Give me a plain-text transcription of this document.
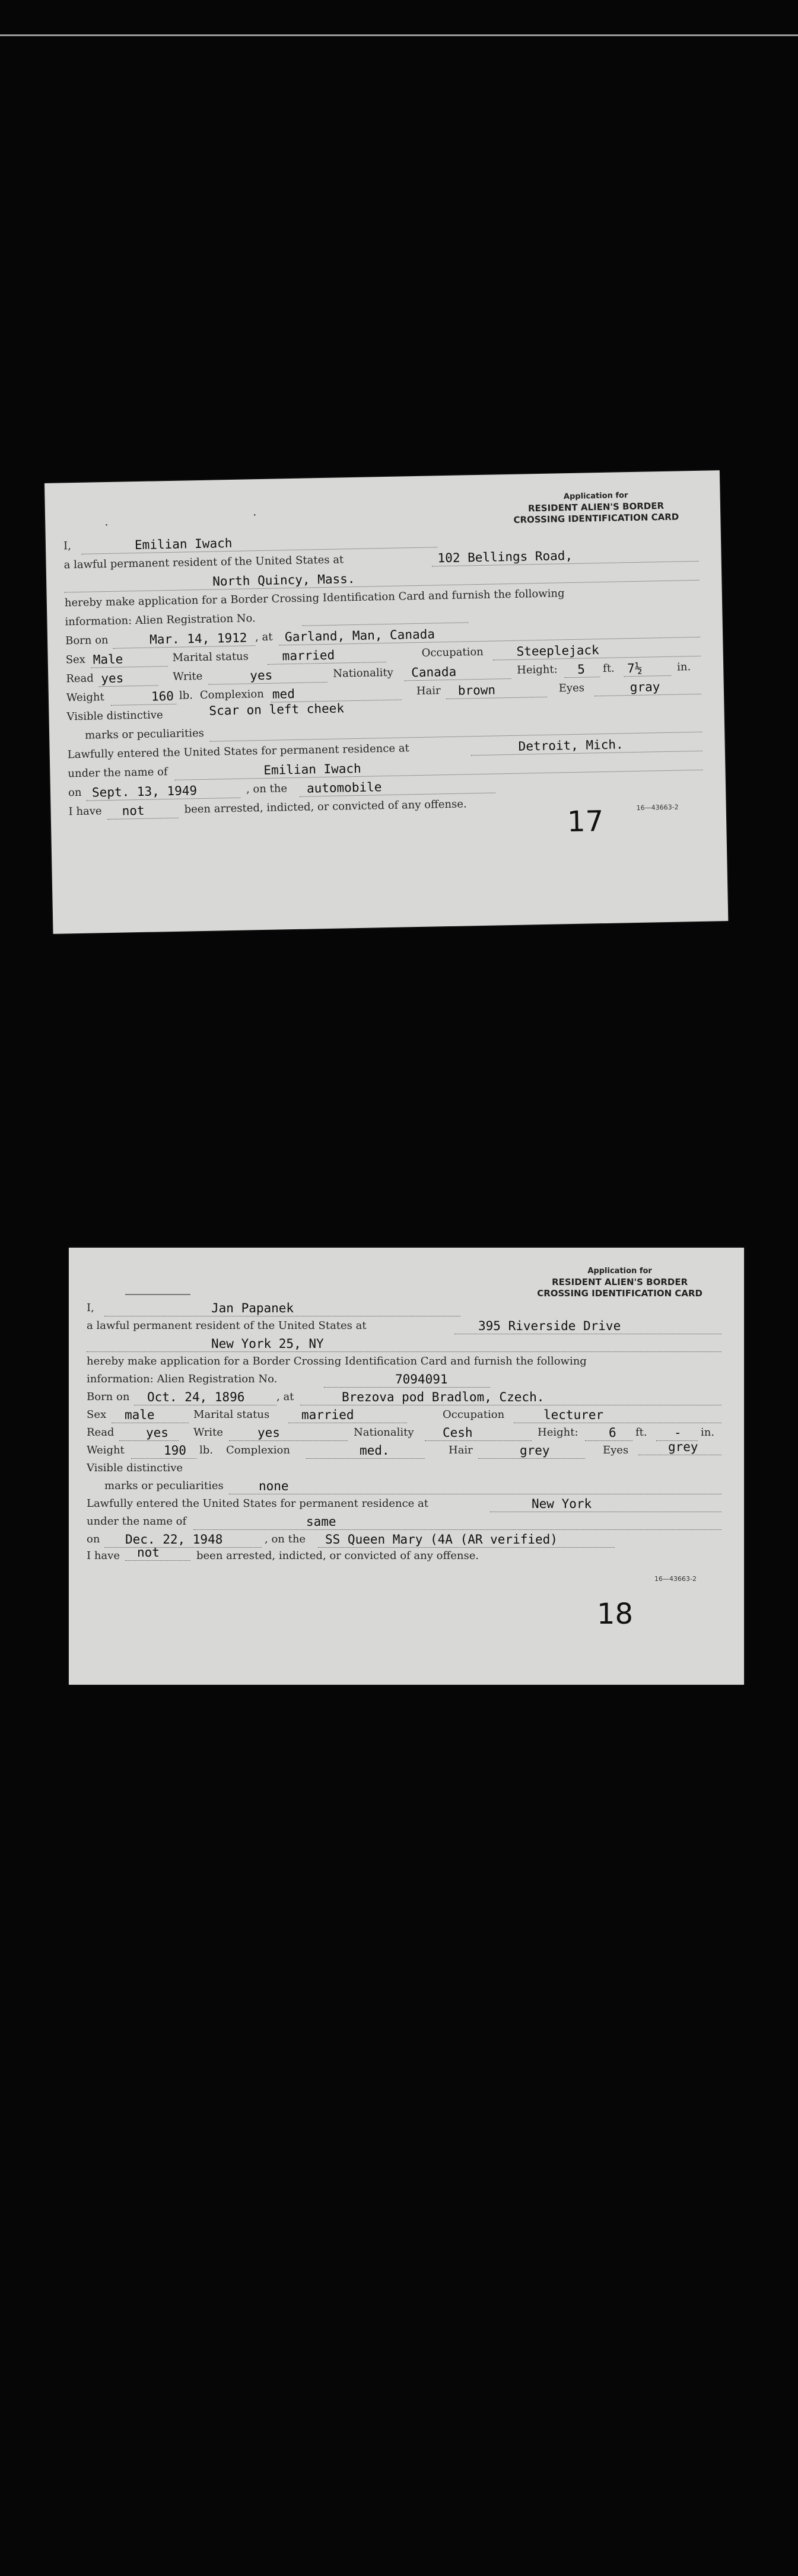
Application for
RESIDENT ALIEN'S BORDER
CROSSING IDENTIFICATION CARD
·
·
I,	Emilian Iwach
a lawful permanent resident of the United States at	102 Bellings Road,
North Quincy, Mass.
hereby make application for a Border Crossing Identification Card and furnish the following
information: Alien Registration No.
Born on	Mar. 14, 1912 , at Garland, Man, Canada
Sex Male	Marital status	married	Occupation	Steeplejack
Read yes	Write	yes	Nationality	Canada	Height:	5	ft. 7½	in.
Weight	160 lb. Complexion med	Hair	brown	Eyes	gray
Visible distinctive	Scar on left cheek
marks or peculiarities
Lawfully entered the United States for permanent residence at	Detroit, Mich.
under the name of	Emilian Iwach
on Sept. 13, 1949	, on the	automobile
I have	not	been arrested, indicted, or convicted of any offense.	16—43663-2
17
Application for
RESIDENT ALIEN'S BORDER
CROSSING IDENTIFICATION CARD
I,	Jan Papanek
a lawful permanent resident of the United States at	395 Riverside Drive
New York 25, NY
hereby make application for a Border Crossing Identification Card and furnish the following
information: Alien Registration No.	7094091
Born on	Oct. 24, 1896	, at	Brezova pod Bradlom, Czech.
Sex	male	Marital status	married	Occupation	lecturer
Read	yes	Write	yes	Nationality	Cesh	Height:	6	ft.	-	in.
Weight	190	lb. Complexion	med.	Hair	grey	Eyes	grey
Visible distinctive
marks or peculiarities	none
Lawfully entered the United States for permanent residence at	New York
under the name of	same
on	Dec. 22, 1948	, on the	SS Queen Mary (4A (AR verified)
I have	not	been arrested, indicted, or convicted of any offense.
16—43663-2
18
